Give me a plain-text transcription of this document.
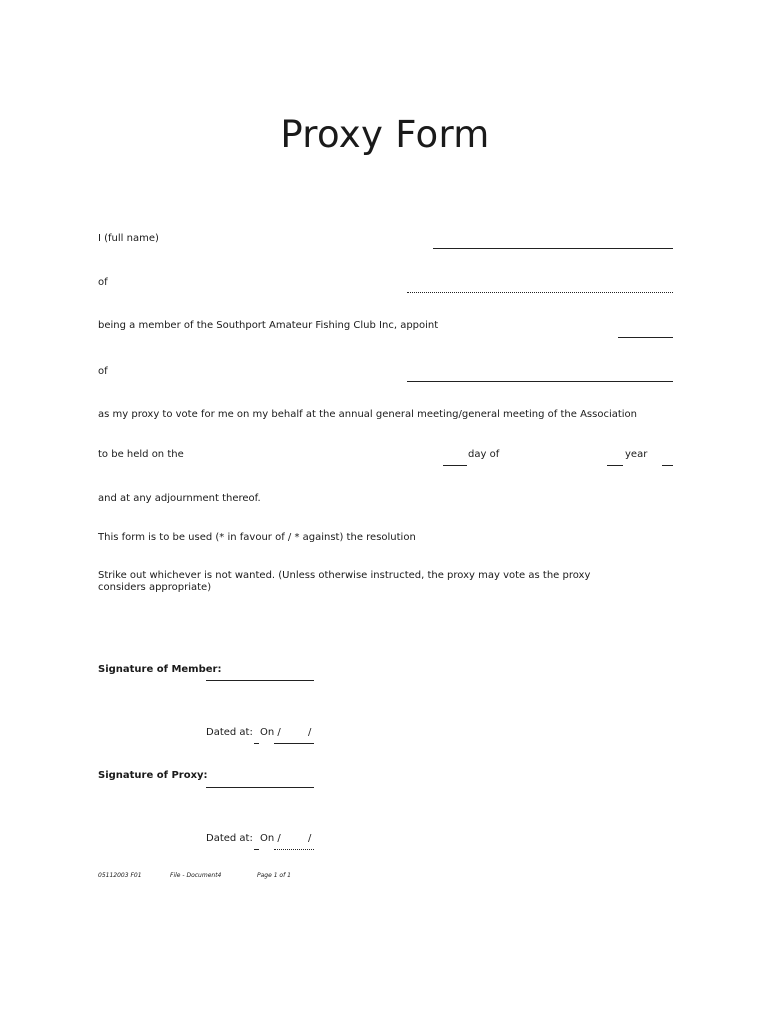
Proxy Form
I (full name)
of
being a member of the Southport Amateur Fishing Club Inc, appoint
of
as my proxy to vote for me on my behalf at the annual general meeting/general meeting of the Association
to be held on the	day of	year
and at any adjournment thereof.
This form is to be used (* in favour of / * against) the resolution
Strike out whichever is not wanted. (Unless otherwise instructed, the proxy may vote as the proxy considers appropriate)
Signature of Member:
Dated at: On /	/
Signature of Proxy:
Dated at: On /	/
05112003 F01	File - Document4	Page 1 of 1
